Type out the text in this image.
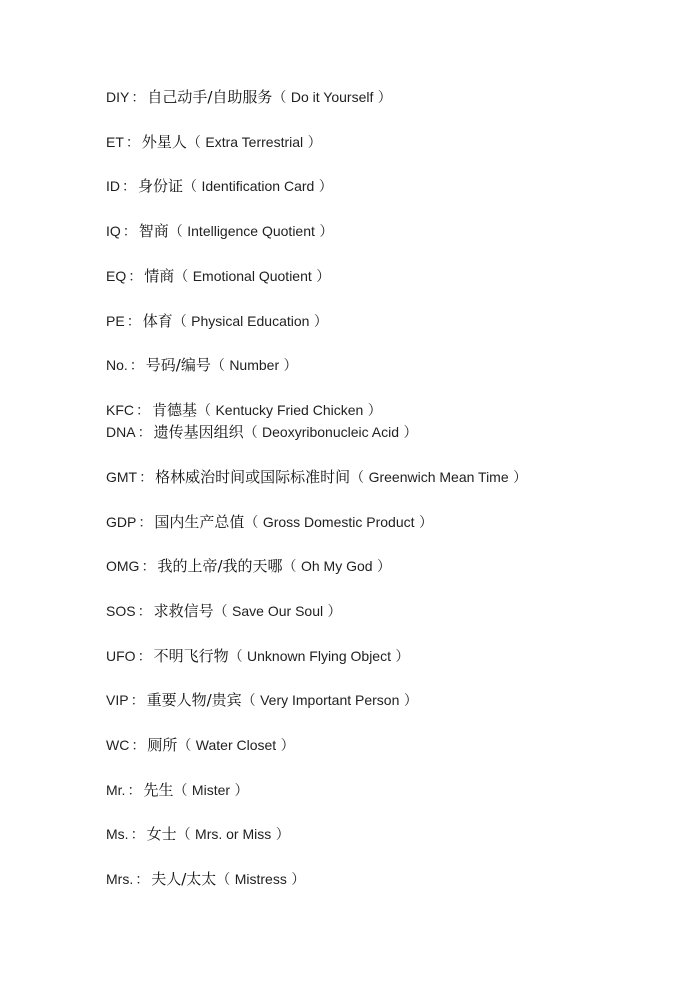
DIY ： 自己动手/自助服务（ Do it Yourself ）
ET ： 外星人（ Extra Terrestrial ）
ID ： 身份证（ Identification Card ）
IQ ： 智商（ Intelligence Quotient ）
EQ ： 情商（ Emotional Quotient ）
PE ： 体育（ Physical Education ）
No. ： 号码/编号（ Number ）
KFC ： 肯德基（ Kentucky Fried Chicken ）
DNA ： 遗传基因组织（ Deoxyribonucleic Acid ）
GMT ： 格林威治时间或国际标准时间（ Greenwich Mean Time ）
GDP ： 国内生产总值（ Gross Domestic Product ）
OMG ： 我的上帝/我的天哪（ Oh My God ）
SOS ： 求救信号（ Save Our Soul ）
UFO ： 不明飞行物（ Unknown Flying Object ）
VIP ： 重要人物/贵宾（ Very Important Person ）
WC ： 厕所（ Water Closet ）
Mr. ： 先生（ Mister ）
Ms. ： 女士（ Mrs. or Miss ）
Mrs. ： 夫人/太太（ Mistress ）
